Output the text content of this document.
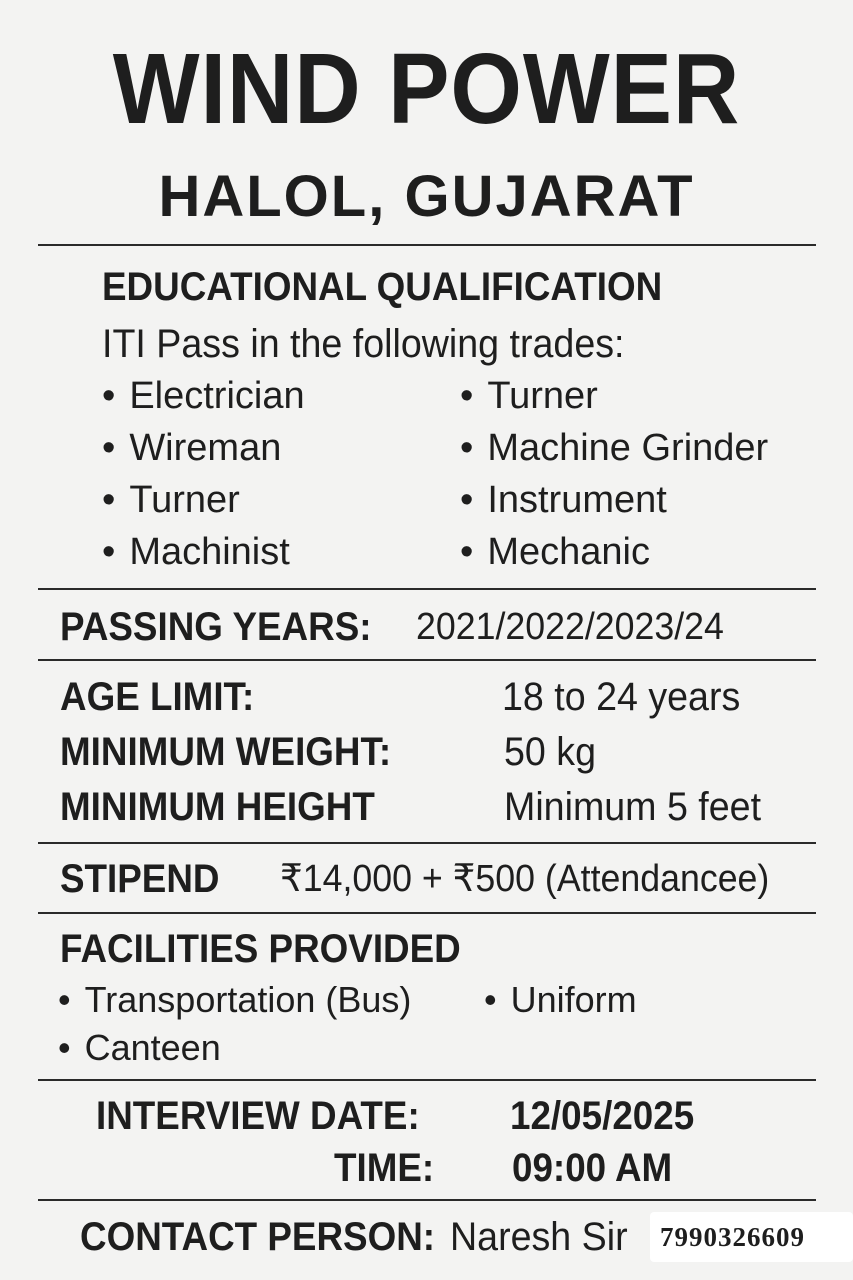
WIND POWER
HALOL, GUJARAT
EDUCATIONAL QUALIFICATION
ITI Pass in the following trades:
• Electrician
• Wireman
• Turner
• Machinist
• Turner
• Machine Grinder
• Instrument
• Mechanic
PASSING YEARS: 2021/2022/2023/24
AGE LIMIT:	18 to 24 years
MINIMUM WEIGHT:	50 kg
MINIMUM HEIGHT	Minimum 5 feet
STIPEND ₹14,000 + ₹500 (Attendancee)
FACILITIES PROVIDED
• Transportation (Bus)
•	Uniform
• Canteen
INTERVIEW DATE: 12/05/2025
TIME: 09:00 AM
CONTACT PERSON: Naresh Sir 7990326609
